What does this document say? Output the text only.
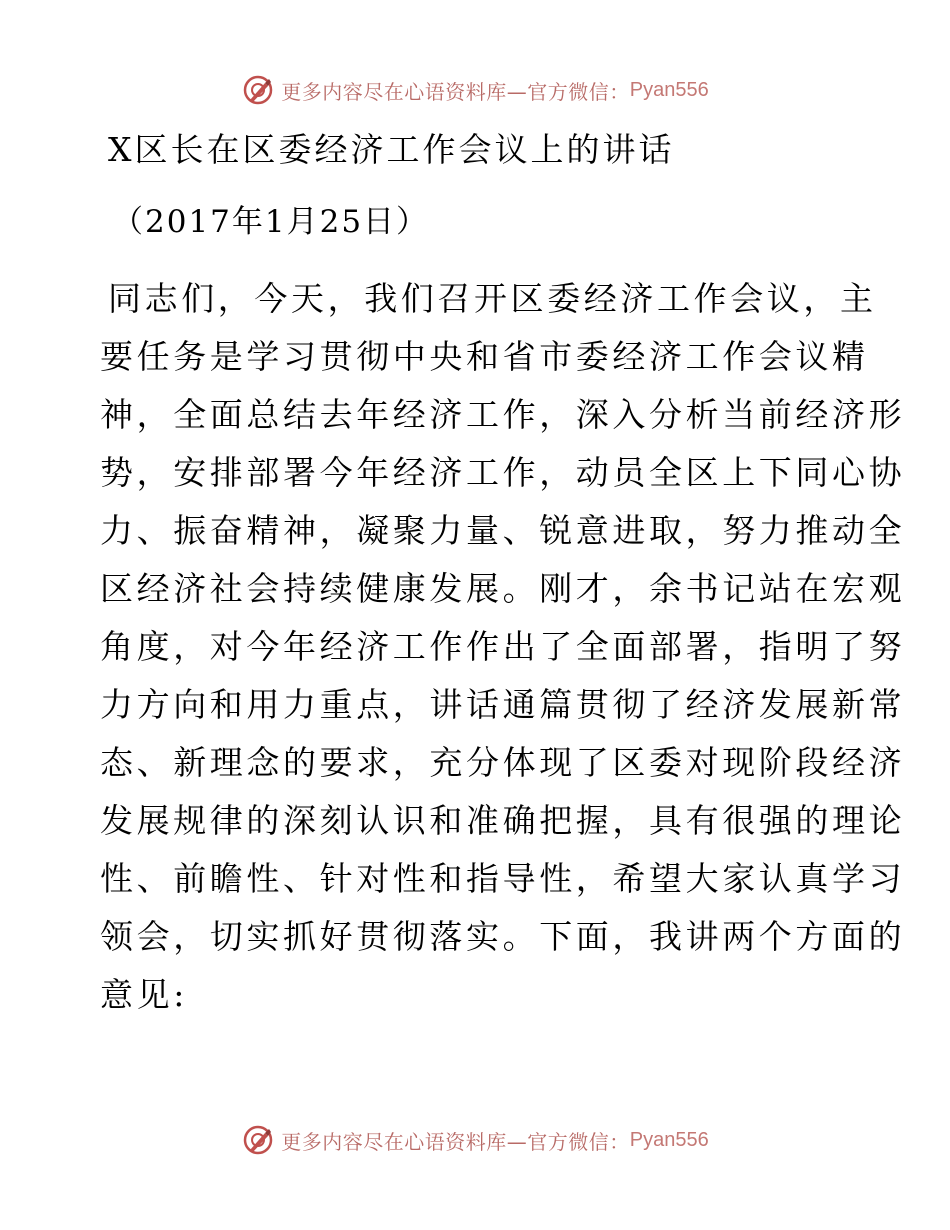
更多内容尽在心语资料库—官方微信： Pyan556
X区长在区委经济工作会议上的讲话
（2017年1月25日）
同志们，今天，我们召开区委经济工作会议，主
要任务是学习贯彻中央和省市委经济工作会议精
神，全面总结去年经济工作，深入分析当前经济形
势，安排部署今年经济工作，动员全区上下同心协
力、振奋精神，凝聚力量、锐意进取，努力推动全
区经济社会持续健康发展。刚才，余书记站在宏观
角度，对今年经济工作作出了全面部署，指明了努
力方向和用力重点，讲话通篇贯彻了经济发展新常
态、新理念的要求，充分体现了区委对现阶段经济
发展规律的深刻认识和准确把握，具有很强的理论
性、前瞻性、针对性和指导性，希望大家认真学习
领会，切实抓好贯彻落实。下面，我讲两个方面的
意见:
更多内容尽在心语资料库—官方微信： Pyan556
